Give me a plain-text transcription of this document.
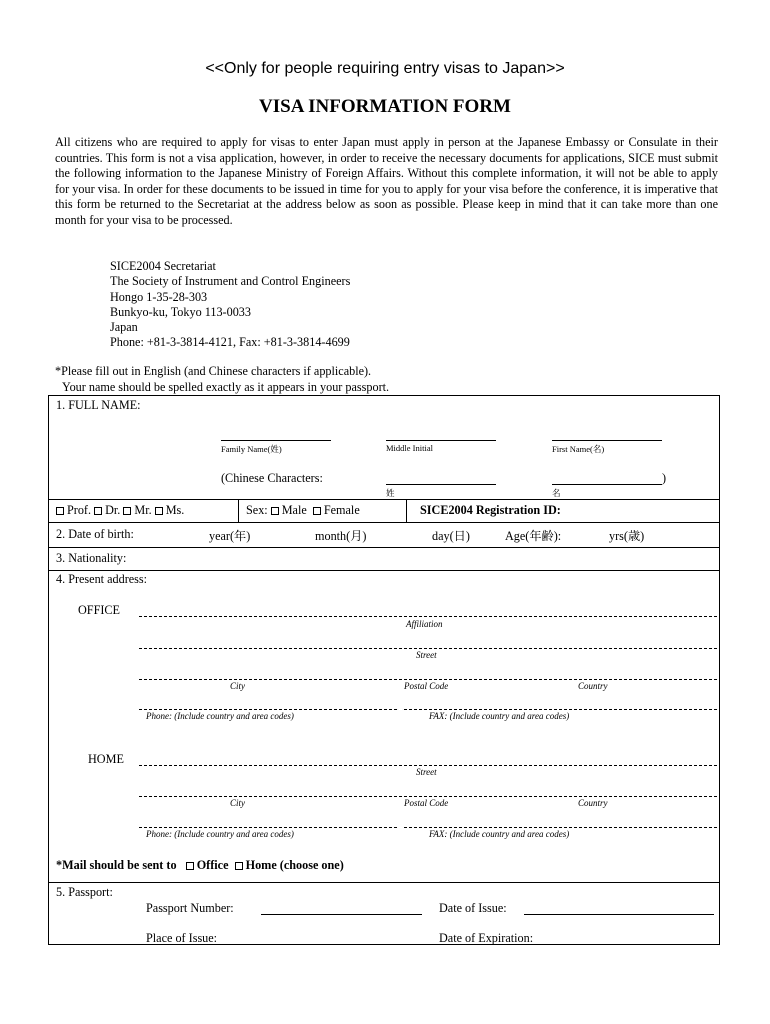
<<Only for people requiring entry visas to Japan>>
VISA INFORMATION FORM
All citizens who are required to apply for visas to enter Japan must apply in person at the Japanese Embassy or Consulate in their countries. This form is not a visa application, however, in order to receive the necessary documents for applications, SICE must submit the following information to the Japanese Ministry of Foreign Affairs. Without this complete information, it will not be able to apply for your visa. In order for these documents to be issued in time for you to apply for your visa before the conference, it is imperative that this form be returned to the Secretariat at the address below as soon as possible. Please keep in mind that it can take more than one month for your visa to be processed.
SICE2004 Secretariat
The Society of Instrument and Control Engineers
Hongo 1-35-28-303
Bunkyo-ku, Tokyo 113-0033
Japan
Phone: +81-3-3814-4121, Fax: +81-3-3814-4699
*Please fill out in English (and Chinese characters if applicable).
Your name should be spelled exactly as it appears in your passport.
1. FULL NAME:
Family Name(姓)	Middle Initial	First Name(名)
(Chinese Characters:	)
姓	名
Prof. Dr. Mr. Ms.	Sex: Male Female	SICE2004 Registration ID:
2. Date of birth:	year(年)	month(月)	day(日)	Age(年齢):	yrs(歳)
3. Nationality:
4. Present address:
OFFICE
Affiliation
Street
City	Postal Code	Country
Phone: (Include country and area codes)	FAX: (Include country and area codes)
HOME
Street
City	Postal Code	Country
Phone: (Include country and area codes)	FAX: (Include country and area codes)
*Mail should be sent to Office Home (choose one)
5. Passport:
Passport Number:	Date of Issue:
Place of Issue:	Date of Expiration:
